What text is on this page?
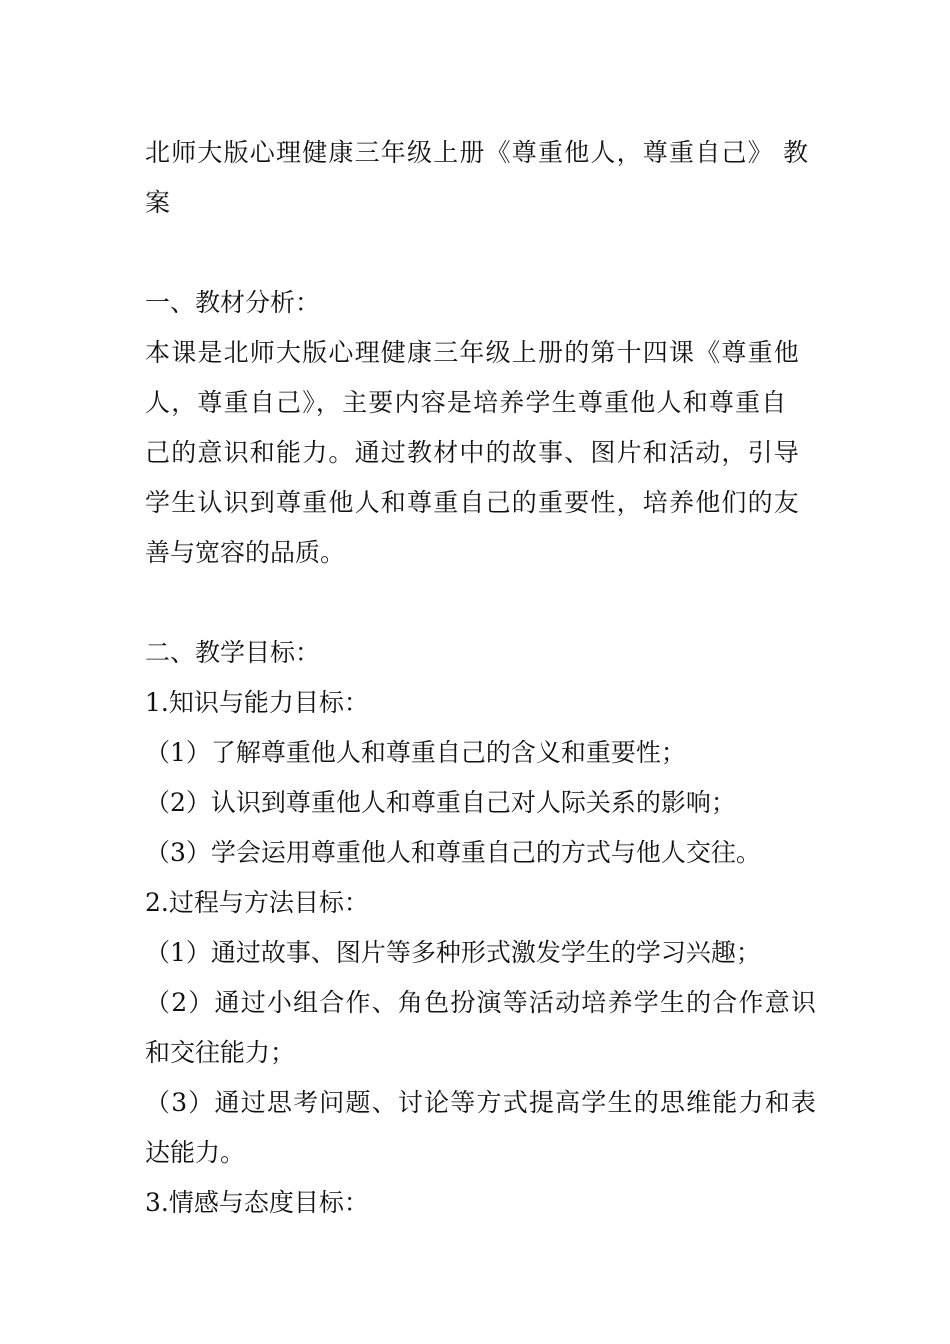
北师大版心理健康三年级上册《尊重他人，尊重自己》 教
案
一、教材分析：
本课是北师大版心理健康三年级上册的第十四课《尊重他
人，尊重自己》，主要内容是培养学生尊重他人和尊重自
己的意识和能力。通过教材中的故事、图片和活动，引导
学生认识到尊重他人和尊重自己的重要性，培养他们的友
善与宽容的品质。
二、教学目标：
1.知识与能力目标：
（1）了解尊重他人和尊重自己的含义和重要性；
（2）认识到尊重他人和尊重自己对人际关系的影响；
（3）学会运用尊重他人和尊重自己的方式与他人交往。
2.过程与方法目标：
（1）通过故事、图片等多种形式激发学生的学习兴趣；
（2）通过小组合作、角色扮演等活动培养学生的合作意识
和交往能力；
（3）通过思考问题、讨论等方式提高学生的思维能力和表
达能力。
3.情感与态度目标：
